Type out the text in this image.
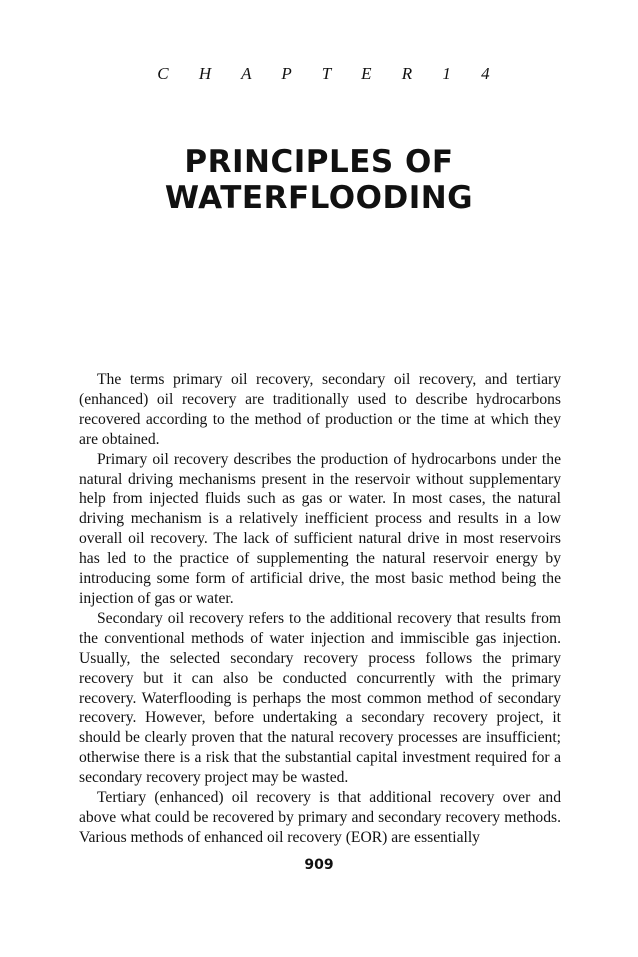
C H A P T E R 1 4
PRINCIPLES OF
WATERFLOODING

The terms primary oil recovery, secondary oil recovery, and tertiary (enhanced) oil recovery are traditionally used to describe hydrocarbons recovered according to the method of production or the time at which they are obtained.

Primary oil recovery describes the production of hydrocarbons under the natural driving mechanisms present in the reservoir without supplementary help from injected fluids such as gas or water. In most cases, the natural driving mechanism is a relatively inefficient process and results in a low overall oil recovery. The lack of sufficient natural drive in most reservoirs has led to the practice of supplementing the natural reservoir energy by introducing some form of artificial drive, the most basic method being the injection of gas or water.

Secondary oil recovery refers to the additional recovery that results from the conventional methods of water injection and immiscible gas injection. Usually, the selected secondary recovery process follows the primary recovery but it can also be conducted concurrently with the primary recovery. Waterflooding is perhaps the most common method of secondary recovery. However, before undertaking a secondary recovery project, it should be clearly proven that the natural recovery processes are insufficient; otherwise there is a risk that the substantial capital investment required for a secondary recovery project may be wasted.

Tertiary (enhanced) oil recovery is that additional recovery over and above what could be recovered by primary and secondary recovery methods. Various methods of enhanced oil recovery (EOR) are essentially

909
